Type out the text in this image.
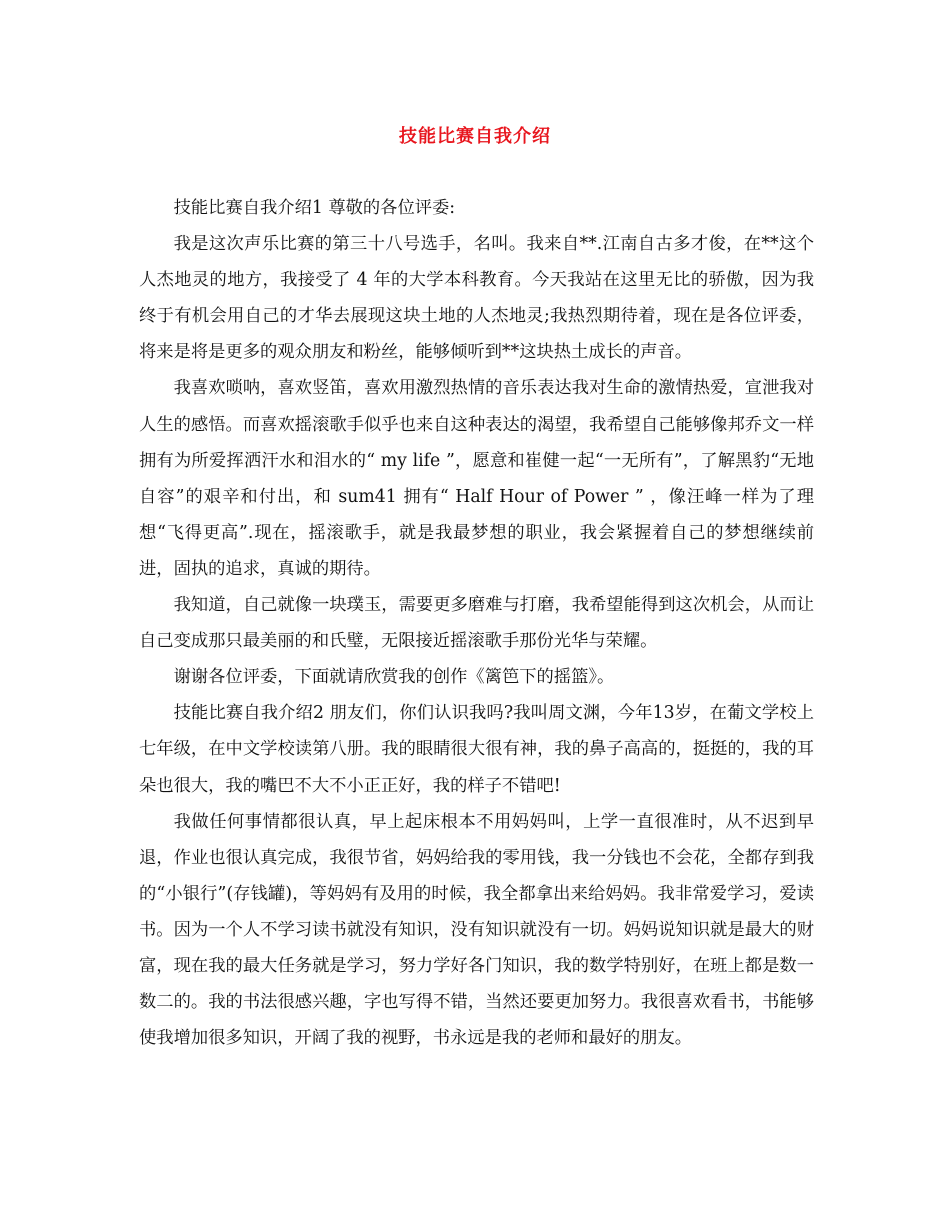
技能比赛自我介绍

技能比赛自我介绍1 尊敬的各位评委:

我是这次声乐比赛的第三十八号选手，名叫。我来自**.江南自古多才俊，在**这个人杰地灵的地方，我接受了 4 年的大学本科教育。今天我站在这里无比的骄傲，因为我终于有机会用自己的才华去展现这块土地的人杰地灵;我热烈期待着，现在是各位评委，将来是将是更多的观众朋友和粉丝，能够倾听到**这块热土成长的声音。

我喜欢唢呐，喜欢竖笛，喜欢用激烈热情的音乐表达我对生命的激情热爱，宣泄我对人生的感悟。而喜欢摇滚歌手似乎也来自这种表达的渴望，我希望自己能够像邦乔文一样拥有为所爱挥洒汗水和泪水的“ my life ”，愿意和崔健一起“一无所有”，了解黑豹“无地自容”的艰辛和付出，和 sum41 拥有“ Half Hour of Power ” ，像汪峰一样为了理想“飞得更高”.现在，摇滚歌手，就是我最梦想的职业，我会紧握着自己的梦想继续前进，固执的追求，真诚的期待。

我知道，自己就像一块璞玉，需要更多磨难与打磨，我希望能得到这次机会，从而让自己变成那只最美丽的和氏璧，无限接近摇滚歌手那份光华与荣耀。

谢谢各位评委，下面就请欣赏我的创作《篱笆下的摇篮》。

技能比赛自我介绍2 朋友们，你们认识我吗?我叫周文渊，今年13岁，在葡文学校上七年级，在中文学校读第八册。我的眼睛很大很有神，我的鼻子高高的，挺挺的，我的耳朵也很大，我的嘴巴不大不小正正好，我的样子不错吧!

我做任何事情都很认真，早上起床根本不用妈妈叫，上学一直很准时，从不迟到早退，作业也很认真完成，我很节省，妈妈给我的零用钱，我一分钱也不会花，全都存到我的“小银行”(存钱罐)，等妈妈有及用的时候，我全都拿出来给妈妈。我非常爱学习，爱读书。因为一个人不学习读书就没有知识，没有知识就没有一切。妈妈说知识就是最大的财富，现在我的最大任务就是学习，努力学好各门知识，我的数学特别好，在班上都是数一数二的。我的书法很感兴趣，字也写得不错，当然还要更加努力。我很喜欢看书，书能够使我增加很多知识，开阔了我的视野，书永远是我的老师和最好的朋友。
